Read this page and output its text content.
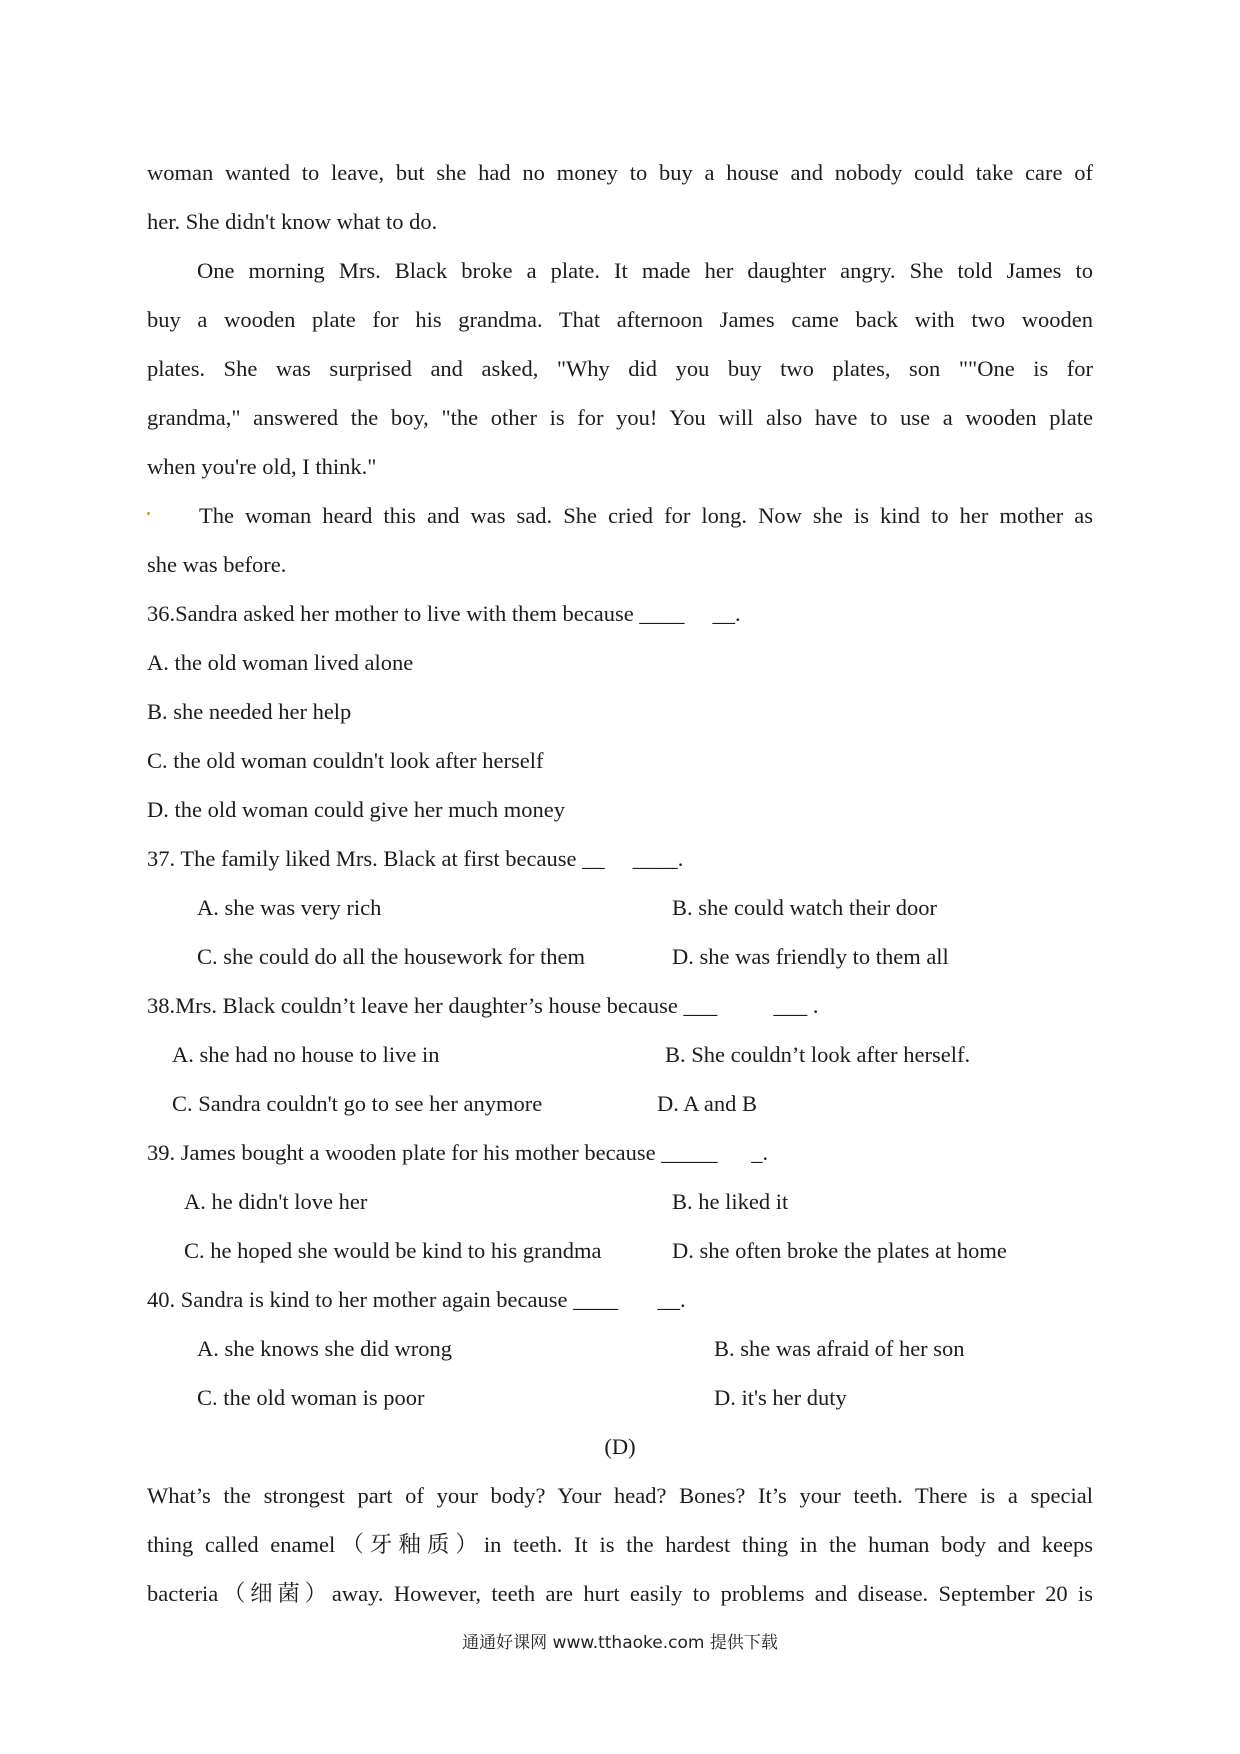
woman wanted to leave, but she had no money to buy a house and nobody could take care of
her. She didn't know what to do.
One morning Mrs. Black broke a plate. It made her daughter angry. She told James to
buy a wooden plate for his grandma. That afternoon James came back with two wooden
plates. She was surprised and asked, "Why did you buy two plates, son ""One is for
grandma," answered the boy, "the other is for you! You will also have to use a wooden plate
when you're old, I think."
The woman heard this and was sad. She cried for long. Now she is kind to her mother as
she was before.
36.Sandra asked her mother to live with them because ____     __.
A. the old woman lived alone
B. she needed her help
C. the old woman couldn't look after herself
D. the old woman could give her much money
37. The family liked Mrs. Black at first because __     ____.
A. she was very rich	B. she could watch their door
C. she could do all the housework for them	D. she was friendly to them all
38.Mrs. Black couldn’t leave her daughter’s house because ___          ___ .
A. she had no house to live in	B. She couldn’t look after herself.
C. Sandra couldn't go to see her anymore	D. A and B
39. James bought a wooden plate for his mother because _____      _.
A. he didn't love her	B. he liked it
C. he hoped she would be kind to his grandma	D. she often broke the plates at home
40. Sandra is kind to her mother again because ____       __.
A. she knows she did wrong	B. she was afraid of her son
C. the old woman is poor	D. it's her duty
(D)
What’s the strongest part of your body? Your head? Bones? It’s your teeth. There is a special
thing called enamel（牙釉质）in teeth. It is the hardest thing in the human body and keeps
bacteria（细菌）away. However, teeth are hurt easily to problems and disease. September 20 is
通通好课网 www.tthaoke.com 提供下载
